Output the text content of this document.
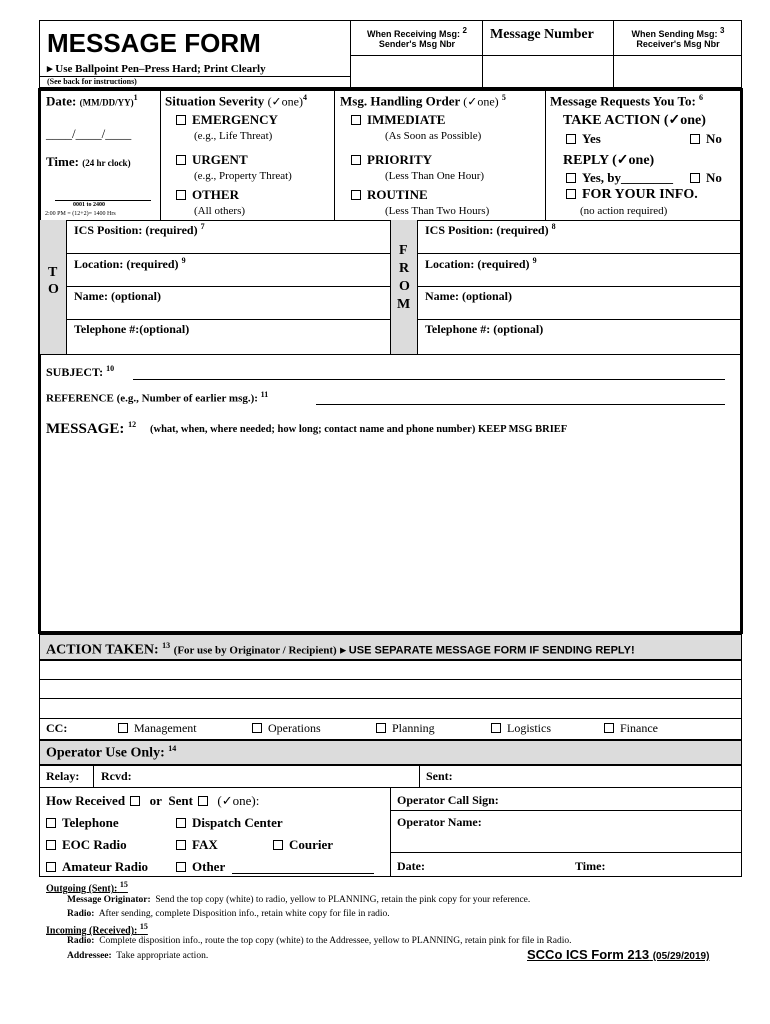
MESSAGE FORM
▸ Use Ballpoint Pen–Press Hard; Print Clearly
(See back for instructions)
When Receiving Msg: $^2$
Sender's Msg Nbr
Message Number	When Sending Msg: $^3$
Receiver's Msg Nbr
Date: $(MM/DD/YY)^1$
____/____/____
Time: (24 hr clock)
0001 to 2400
2:00 PM = (12+2)= 1400 Hrs
Situation Severity (✓one)$^4$
EMERGENCY
(e.g., Life Threat)
URGENT
(e.g., Property Threat)
OTHER
(All others)
Msg. Handling Order (✓one) $^5$
IMMEDIATE
(As Soon as Possible)
PRIORITY
(Less Than One Hour)
ROUTINE
(Less Than Two Hours)
Message Requests You To: $^6$
TAKE ACTION (✓one)
Yes	No
REPLY (✓one)
Yes, by________	No
FOR YOUR INFO.
(no action required)
T
O
F
R
O
M
ICS Position: (required) $^7$
Location: (required) $^9$
Name: (optional)
Telephone #:(optional)
ICS Position: (required) $^8$
Location: (required) $^9$
Name: (optional)
Telephone #: (optional)
SUBJECT: $^{10}$
REFERENCE (e.g., Number of earlier msg.): $^{11}$
MESSAGE: $^{12}$ (what, when, where needed; how long; contact name and phone number) KEEP MSG BRIEF
ACTION TAKEN: $^{13}$ (For use by Originator / Recipient) ▸ USE SEPARATE MESSAGE FORM IF SENDING REPLY!
CC:	Management	Operations	Planning	Logistics	Finance
Operator Use Only: $^{14}$
Relay: Rcvd:	Sent:
How Received or Sent (✓one):	Operator Call Sign:
Operator Name:
Telephone	Dispatch Center
EOC Radio	FAX	Courier
Amateur Radio	Other	Date:	Time:
Outgoing (Sent): $^{15}$
Message Originator: Send the top copy (white) to radio, yellow to PLANNING, retain the pink copy for your reference.
Radio: After sending, complete Disposition info., retain white copy for file in radio.
Incoming (Received): $^{15}$
Radio: Complete disposition info., route the top copy (white) to the Addressee, yellow to PLANNING, retain pink for file in Radio.
Addressee: Take appropriate action.	SCCo ICS Form 213 (05/29/2019)
